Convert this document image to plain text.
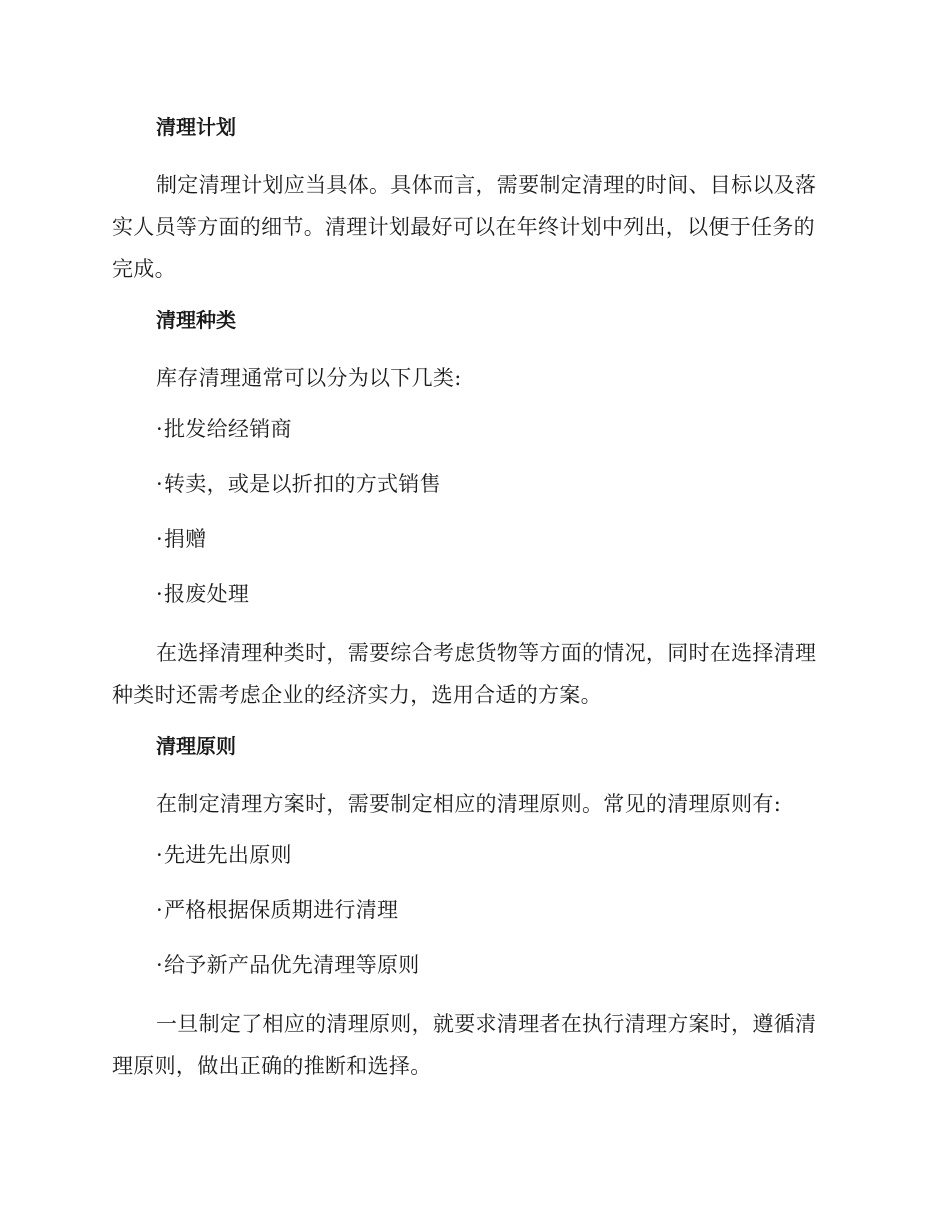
清理计划

制定清理计划应当具体。具体而言，需要制定清理的时间、目标以及落实人员等方面的细节。清理计划最好可以在年终计划中列出，以便于任务的完成。

清理种类

库存清理通常可以分为以下几类:

·批发给经销商
·转卖，或是以折扣的方式销售
·捐赠
·报废处理

在选择清理种类时，需要综合考虑货物等方面的情况，同时在选择清理种类时还需考虑企业的经济实力，选用合适的方案。

清理原则

在制定清理方案时，需要制定相应的清理原则。常见的清理原则有:

·先进先出原则
·严格根据保质期进行清理
·给予新产品优先清理等原则

一旦制定了相应的清理原则，就要求清理者在执行清理方案时，遵循清理原则，做出正确的推断和选择。
